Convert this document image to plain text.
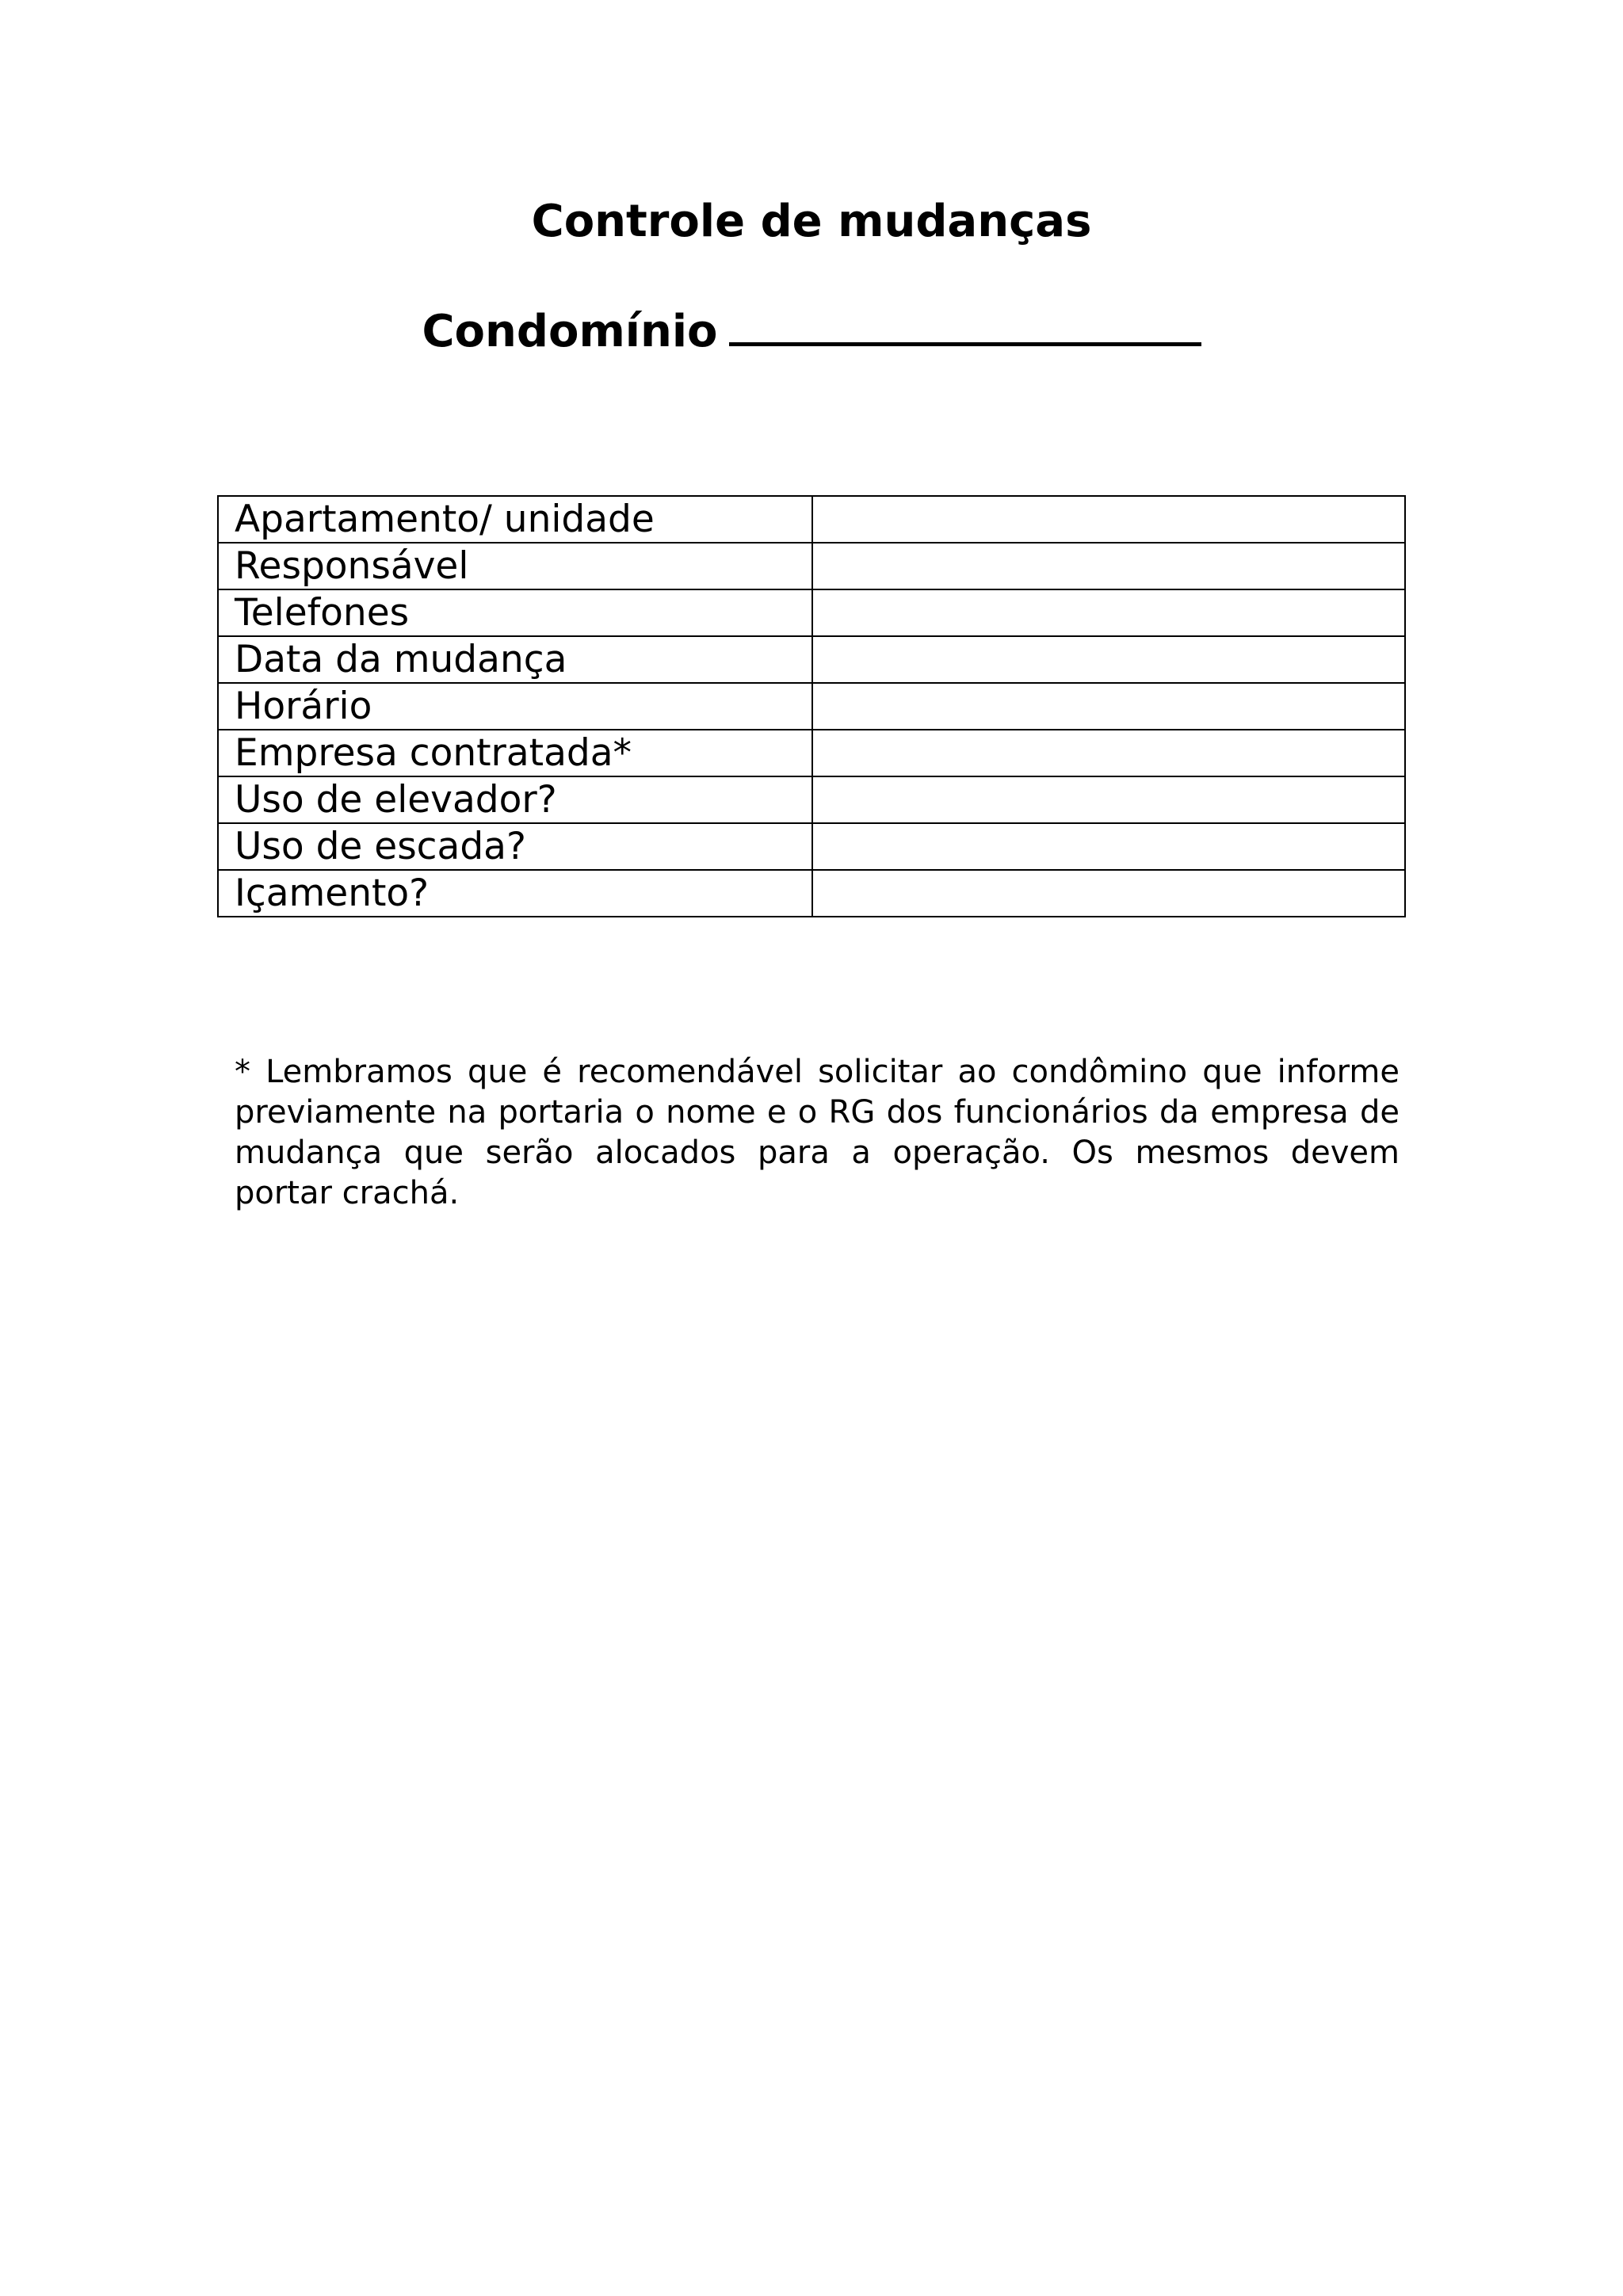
Controle de mudanças
Condomínio
Apartamento/ unidade	
Responsável	
Telefones	
Data da mudança	
Horário	
Empresa contratada*	
Uso de elevador?	
Uso de escada?	
Içamento?	

* Lembramos que é recomendável solicitar ao condômino que informe previamente na portaria o nome e o RG dos funcionários da empresa de mudança que serão alocados para a operação. Os mesmos devem portar crachá.
